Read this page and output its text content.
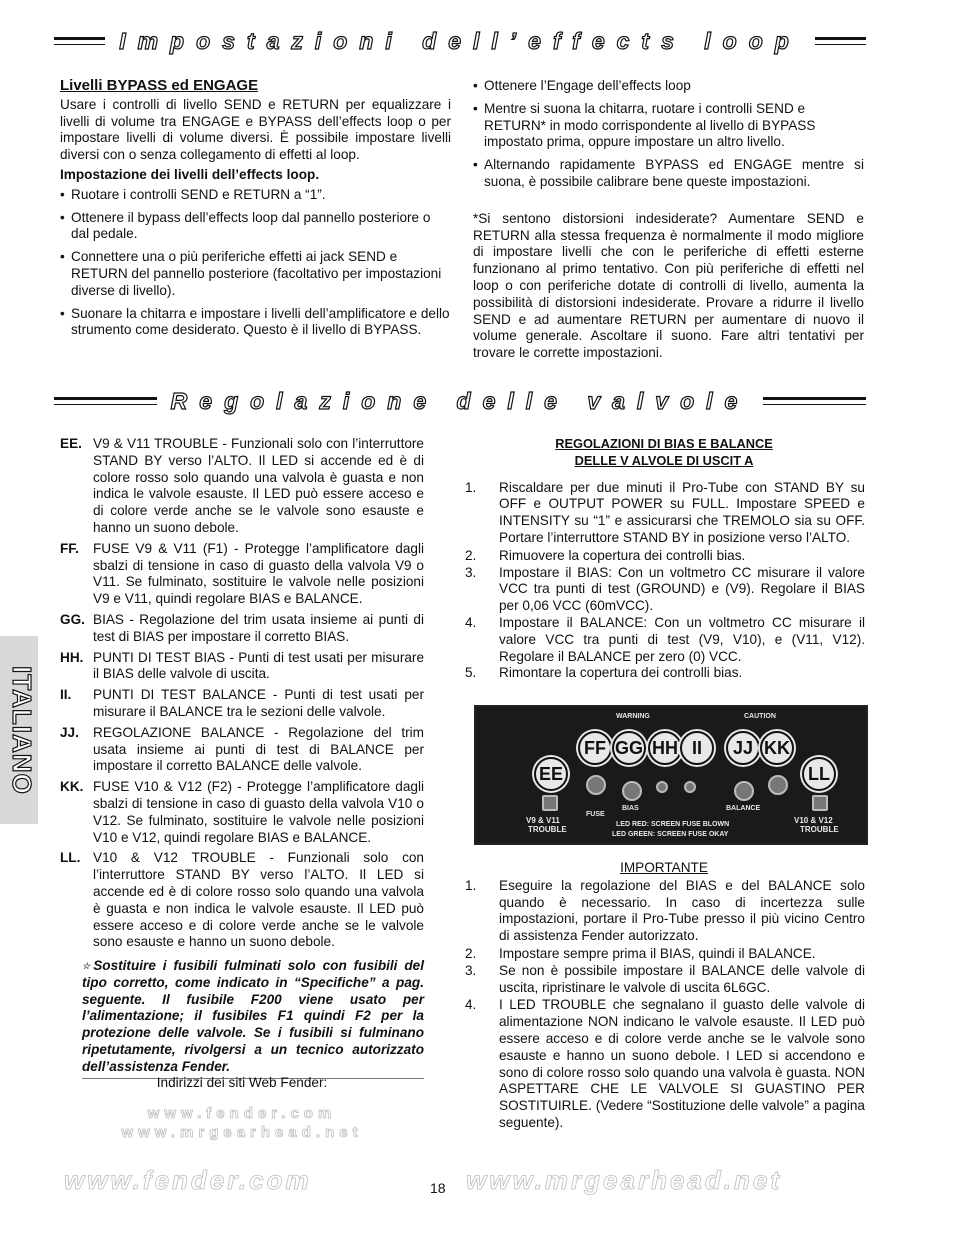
Impostazioni dell’effects loop

Livelli BYPASS ed ENGAGE

Usare i controlli di livello SEND e RETURN per equalizzare i livelli di volume tra ENGAGE e BYPASS dell’effects loop o per impostare livelli di volume diversi. È possibile impostare livelli diversi con o senza collegamento di effetti al loop.

Impostazione dei livelli dell’effects loop.

• Ruotare i controlli SEND e RETURN a “1”.
• Ottenere il bypass dell’effects loop dal pannello posteriore o dal pedale.
• Connettere una o più periferiche effetti ai jack SEND e RETURN del pannello posteriore (facoltativo per impostazioni diverse di livello).
• Suonare la chitarra e impostare i livelli dell’amplificatore e dello strumento come desiderato. Questo è il livello di BYPASS.
• Ottenere l’Engage dell’effects loop
• Mentre si suona la chitarra, ruotare i controlli SEND e RETURN* in modo corrispondente al livello di BYPASS impostato prima, oppure impostare un altro livello.
• Alternando rapidamente BYPASS ed ENGAGE mentre si suona, è possibile calibrare bene queste impostazioni.

*Si sentono distorsioni indesiderate? Aumentare SEND e RETURN alla stessa frequenza è normalmente il modo migliore di impostare livelli che con le periferiche di effetti esterne funzionano al primo tentativo. Con più periferiche di effetti nel loop o con periferiche dotate di controlli di livello, aumenta la possibilità di distorsioni indesiderate. Provare a ridurre il livello SEND e ad aumentare RETURN per aumentare di nuovo il volume generale. Ascoltare il suono. Fare altri tentativi per trovare le corrette impostazioni.

Regolazione delle valvole
ITALIANO
EE. V9 & V11 TROUBLE - Funzionali solo con l’interruttore STAND BY verso l’ALTO. Il LED si accende ed è di colore rosso solo quando una valvola è guasta e non indica le valvole esauste. Il LED può essere acceso e di colore verde anche se le valvole sono esauste e hanno un suono debole.
FF.	FUSE V9 & V11 (F1) - Protegge l’amplificatore dagli sbalzi di tensione in caso di guasto della valvola V9 o V11. Se fulminato, sostituire le valvole nelle posizioni V9 e V11, quindi regolare BIAS e BALANCE.
GG. BIAS - Regolazione del trim usata insieme ai punti di test di BIAS per impostare il corretto BIAS.
HH. PUNTI DI TEST BIAS - Punti di test usati per misurare il BIAS delle valvole di uscita.
II.	PUNTI DI TEST BALANCE - Punti di test usati per misurare il BALANCE tra le sezioni delle valvole.
JJ.	REGOLAZIONE BALANCE - Regolazione del trim usata insieme ai punti di test di BALANCE per impostare il corretto BALANCE delle valvole.
KK. FUSE V10 & V12 (F2) - Protegge l’amplificatore dagli sbalzi di tensione in caso di guasto della valvola V10 o V12. Se fulminato, sostituire le valvole nelle posizioni V10 e V12, quindi regolare BIAS e BALANCE.
LL. V10 & V12 TROUBLE - Funzionali solo con l’interruttore STAND BY verso l’ALTO. Il LED si accende ed è di colore rosso solo quando una valvola è guasta e non indica le valvole esauste. Il LED può essere acceso e di colore verde anche se le valvole sono esauste e hanno un suono debole.
☆Sostituire i fusibili fulminati solo con fusibili del tipo corretto, come indicato in “Specifiche” a pag. seguente. Il fusibile F200 viene usato per l’alimentazione; il fusibiles F1 quindi F2 per la protezione delle valvole. Se i fusibili si fulminano ripetutamente, rivolgersi a un tecnico autorizzato dell’assistenza Fender.

Indirizzi dei siti Web Fender:

www.fender.com

www.mrgearhead.net

REGOLAZIONI DI BIAS E BALANCE

DELLE V ALVOLE DI USCIT A

1.	Riscaldare per due minuti il Pro-Tube con STAND BY su OFF e OUTPUT POWER su FULL. Impostare SPEED e INTENSITY su “1” e assicurarsi che TREMOLO sia su OFF. Portare l’interruttore STAND BY in posizione verso l’ALTO.
2.	Rimuovere la copertura dei controlli bias.
3.	Impostare il BIAS: Con un voltmetro CC misurare il valore VCC tra punti di test (GROUND) e (V9). Regolare il BIAS per 0,06 VCC (60mVCC).
4.	Impostare il BALANCE: Con un voltmetro CC misurare il valore VCC tra punti di test (V9, V10), e (V11, V12). Regolare il BALANCE per zero (0) VCC.
5.	Rimontare la copertura dei controlli bias.
WARNING	CAUTION
EE
FF GG HH II	JJ KK
LL
V9 & V11
TROUBLE
FUSE
BIAS	BALANCE
V10 & V12
TROUBLE
LED RED: SCREEN FUSE BLOWN
LED GREEN: SCREEN FUSE OKAY

IMPORTANTE

1.	Eseguire la regolazione del BIAS e del BALANCE solo quando è necessario. In caso di incertezza sulle impostazioni, portare il Pro-Tube presso il più vicino Centro di assistenza Fender autorizzato.
2.	Impostare sempre prima il BIAS, quindi il BALANCE.
3.	Se non è possibile impostare il BALANCE delle valvole di uscita, ripristinare le valvole di uscita 6L6GC.
4.	I LED TROUBLE che segnalano il guasto delle valvole di alimentazione NON indicano le valvole esauste. Il LED può essere acceso e di colore verde anche se le valvole sono esauste e hanno un suono debole. I LED si accendono e sono di colore rosso solo quando una valvola è guasta. NON ASPETTARE CHE LE VALVOLE SI GUASTINO PER SOSTITUIRLE. (Vedere “Sostituzione delle valvole” a pagina seguente).
www.fender.com	18 www.mrgearhead.net
